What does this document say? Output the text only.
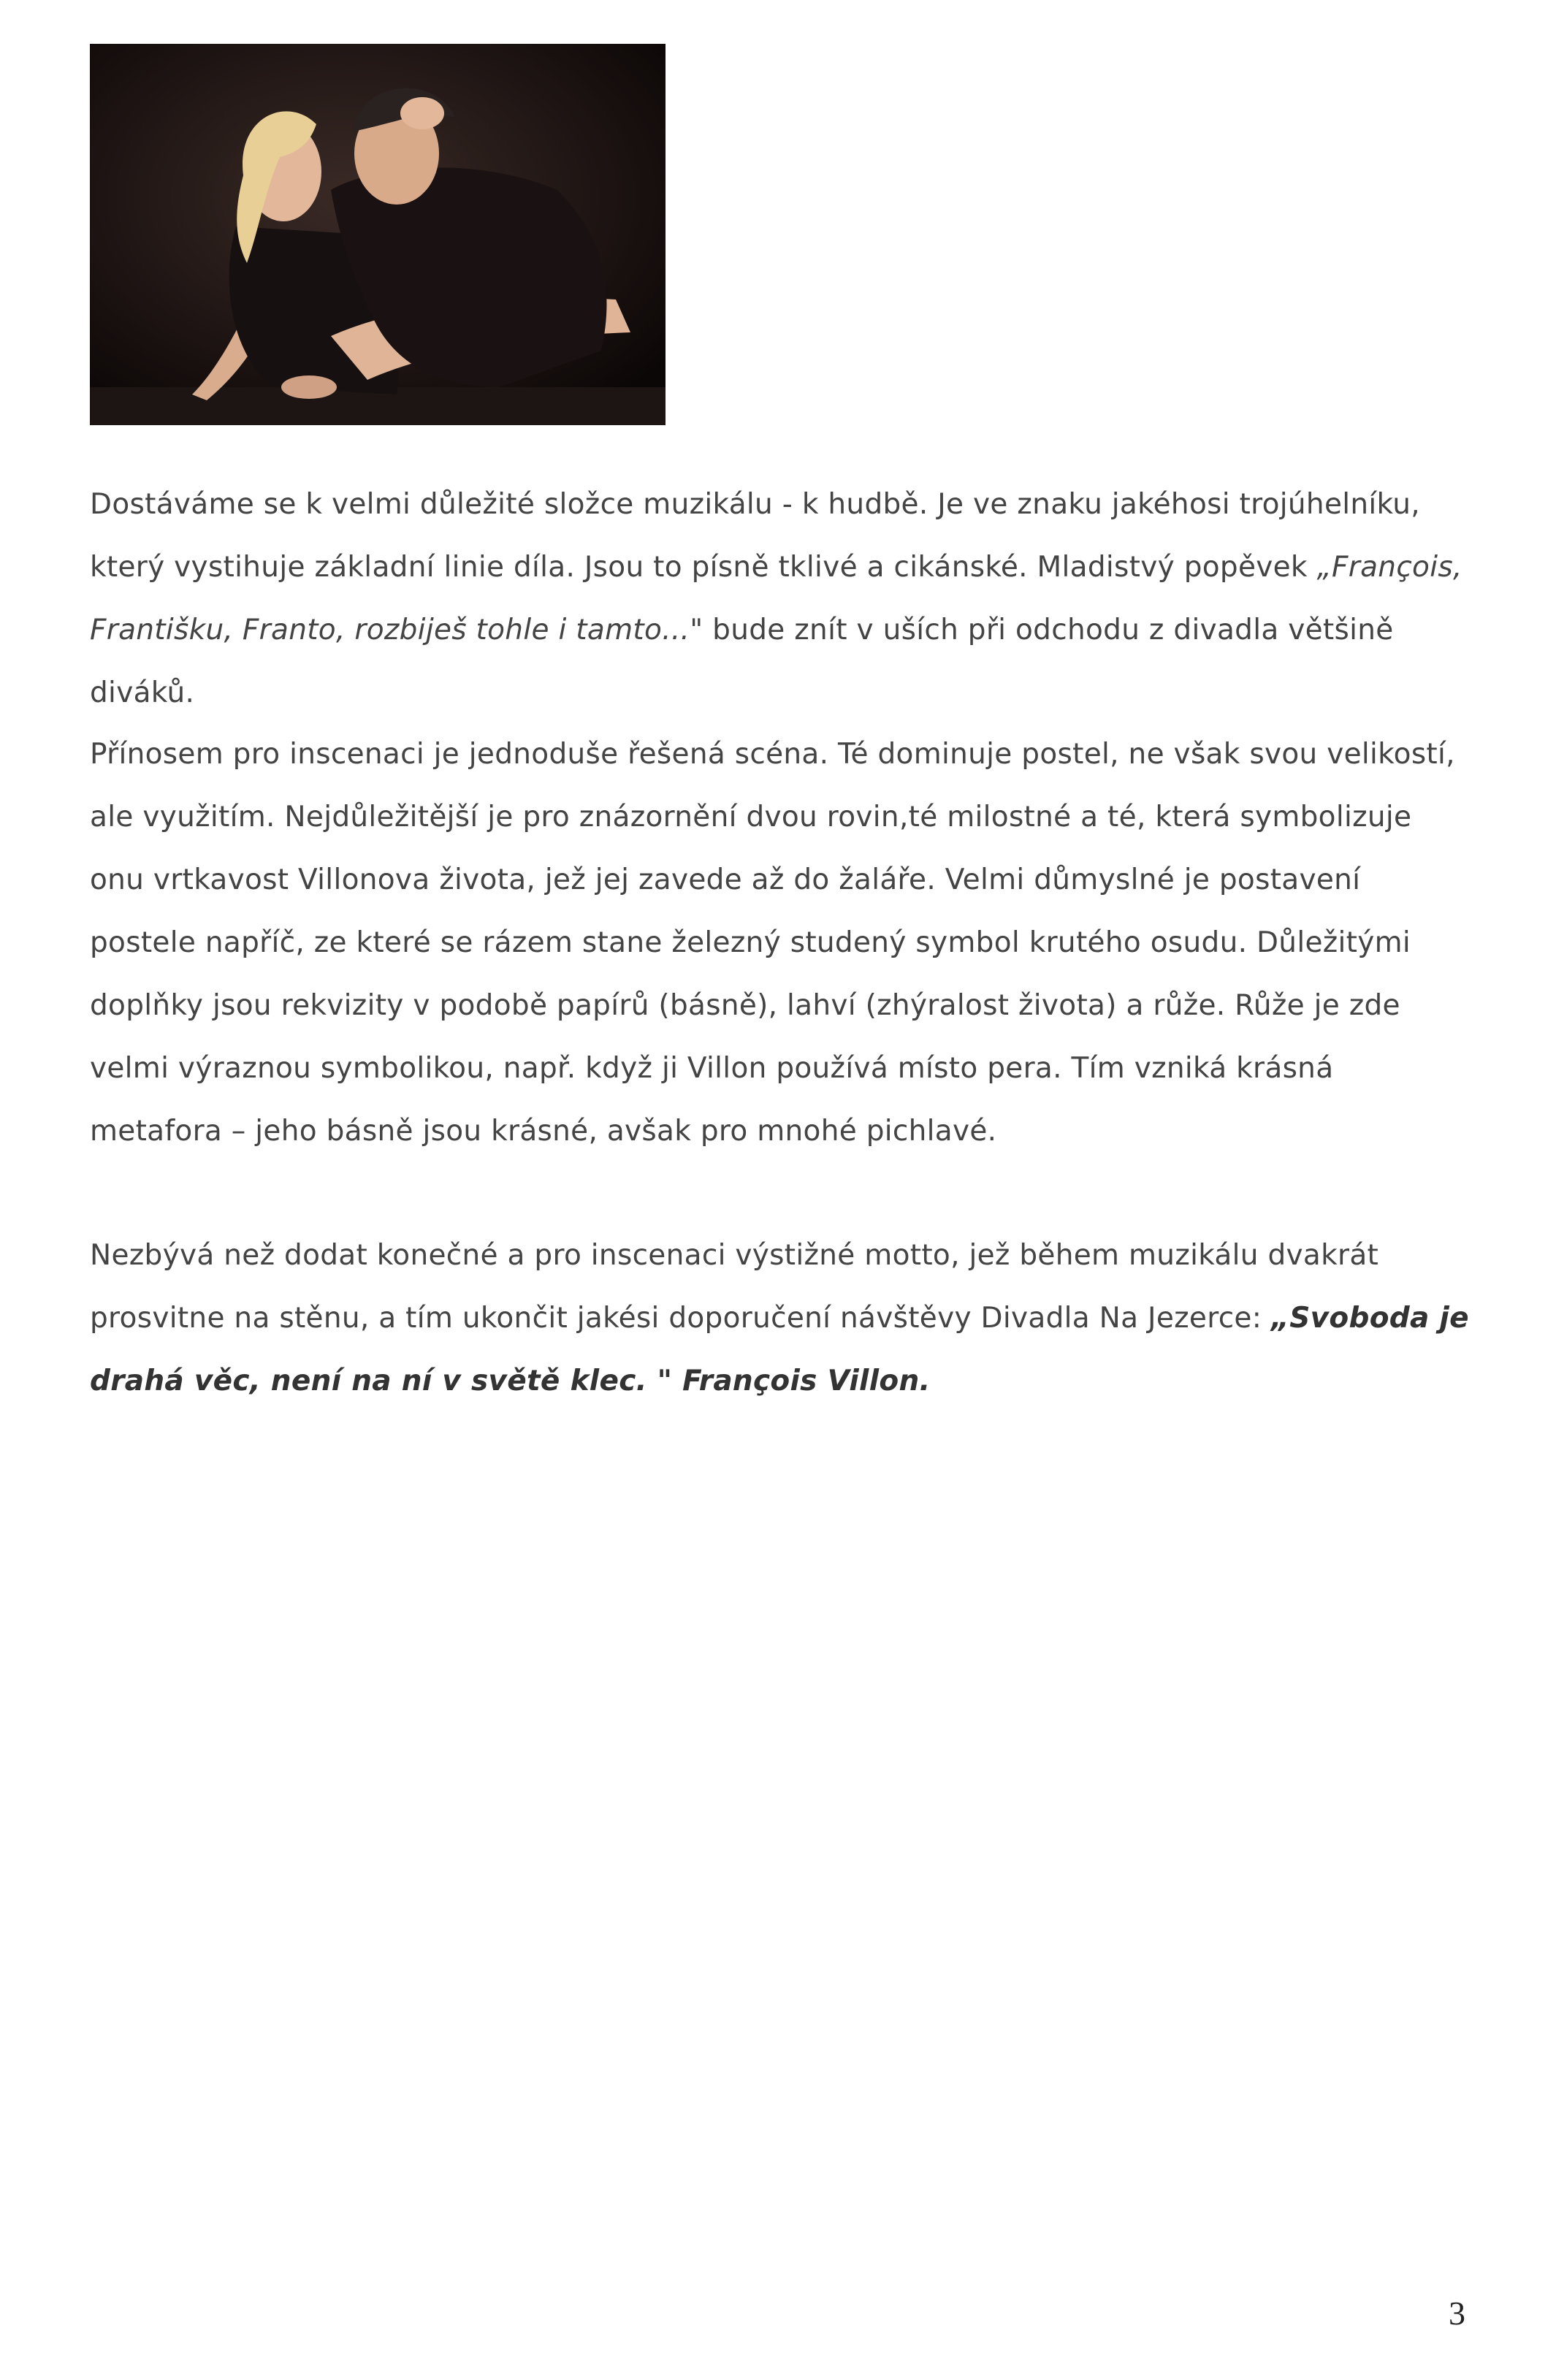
Dostáváme se k velmi důležité složce muzikálu - k hudbě. Je ve znaku jakéhosi trojúhelníku, který vystihuje základní linie díla. Jsou to písně tklivé a cikánské. Mladistvý popěvek „François, Františku, Franto, rozbiješ tohle i tamto..." bude znít v uších při odchodu z divadla většině diváků.

Přínosem pro inscenaci je jednoduše řešená scéna. Té dominuje postel, ne však svou velikostí, ale využitím. Nejdůležitější je pro znázornění dvou rovin,té milostné a té, která symbolizuje onu vrtkavost Villonova života, jež jej zavede až do žaláře. Velmi důmyslné je postavení postele napříč, ze které se rázem stane železný studený symbol krutého osudu. Důležitými doplňky jsou rekvizity v podobě papírů (básně), lahví (zhýralost života) a růže. Růže je zde velmi výraznou symbolikou, např. když ji Villon používá místo pera. Tím vzniká krásná metafora – jeho básně jsou krásné, avšak pro mnohé pichlavé.

Nezbývá než dodat konečné a pro inscenaci výstižné motto, jež během muzikálu dvakrát prosvitne na stěnu, a tím ukončit jakési doporučení návštěvy Divadla Na Jezerce: „Svoboda je drahá věc, není na ní v světě klec. " François Villon.

3
